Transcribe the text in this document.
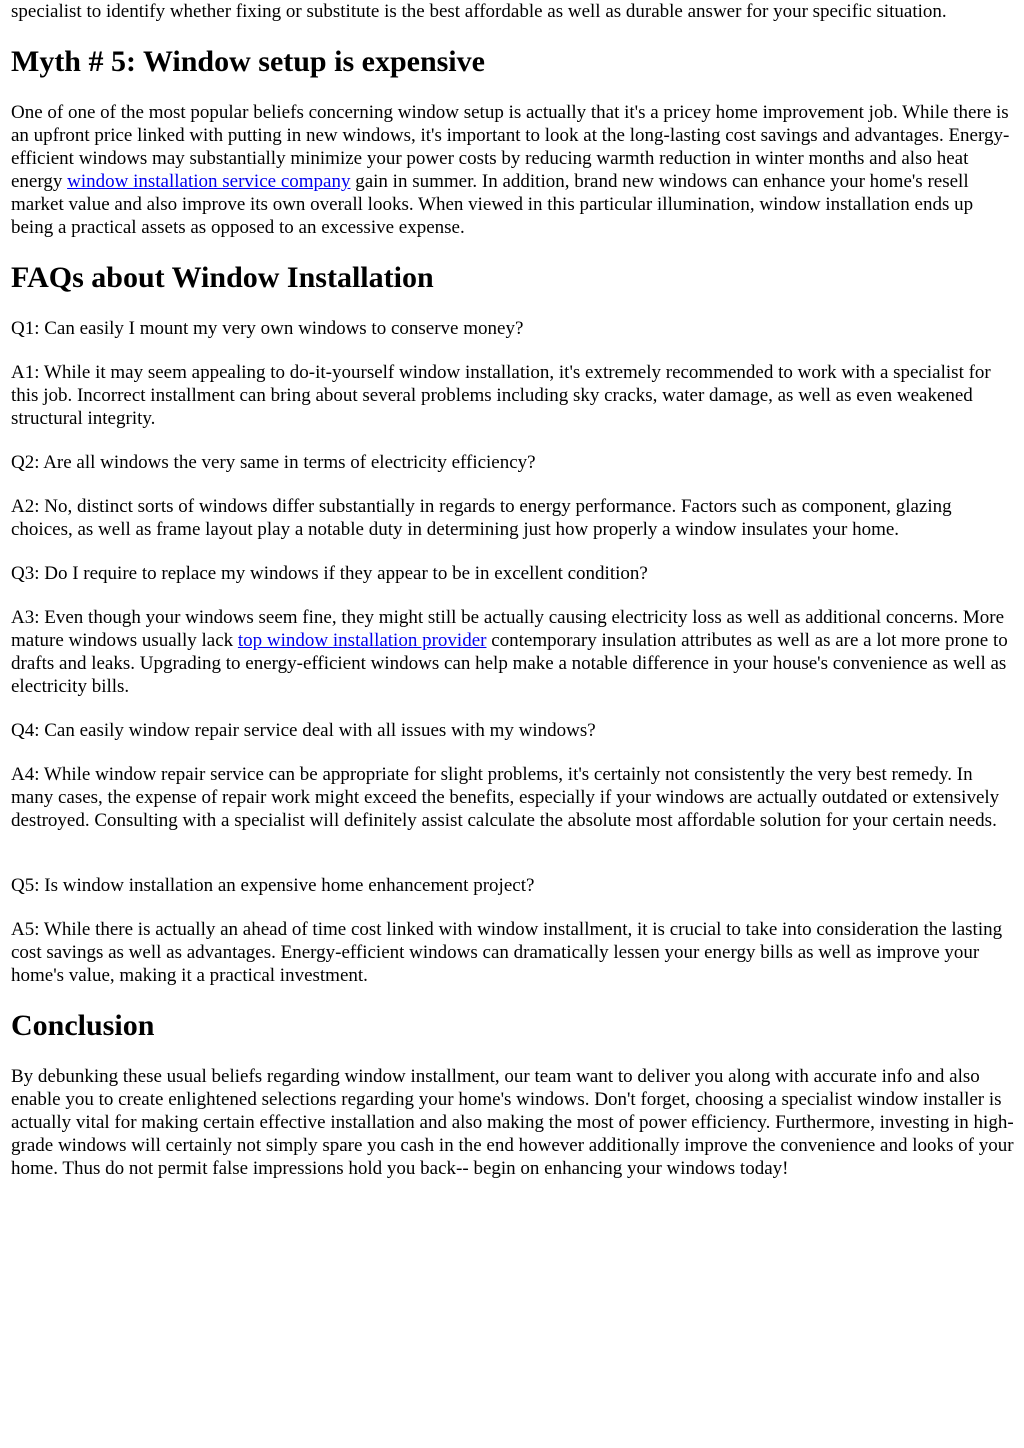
specialist to identify whether fixing or substitute is the best affordable as well as durable answer for your specific situation.

Myth # 5: Window setup is expensive

One of one of the most popular beliefs concerning window setup is actually that it's a pricey home improvement job. While there is an upfront price linked with putting in new windows, it's important to look at the long-lasting cost savings and advantages. Energy-efficient windows may substantially minimize your power costs by reducing warmth reduction in winter months and also heat energy window installation service company gain in summer. In addition, brand new windows can enhance your home's resell market value and also improve its own overall looks. When viewed in this particular illumination, window installation ends up being a practical assets as opposed to an excessive expense.

FAQs about Window Installation

Q1: Can easily I mount my very own windows to conserve money?

A1: While it may seem appealing to do-it-yourself window installation, it's extremely recommended to work with a specialist for this job. Incorrect installment can bring about several problems including sky cracks, water damage, as well as even weakened structural integrity.

Q2: Are all windows the very same in terms of electricity efficiency?

A2: No, distinct sorts of windows differ substantially in regards to energy performance. Factors such as component, glazing choices, as well as frame layout play a notable duty in determining just how properly a window insulates your home.

Q3: Do I require to replace my windows if they appear to be in excellent condition?

A3: Even though your windows seem fine, they might still be actually causing electricity loss as well as additional concerns. More mature windows usually lack top window installation provider contemporary insulation attributes as well as are a lot more prone to drafts and leaks. Upgrading to energy-efficient windows can help make a notable difference in your house's convenience as well as electricity bills.

Q4: Can easily window repair service deal with all issues with my windows?

A4: While window repair service can be appropriate for slight problems, it's certainly not consistently the very best remedy. In many cases, the expense of repair work might exceed the benefits, especially if your windows are actually outdated or extensively destroyed. Consulting with a specialist will definitely assist calculate the absolute most affordable solution for your certain needs.

Q5: Is window installation an expensive home enhancement project?

A5: While there is actually an ahead of time cost linked with window installment, it is crucial to take into consideration the lasting cost savings as well as advantages. Energy-efficient windows can dramatically lessen your energy bills as well as improve your home's value, making it a practical investment.

Conclusion

By debunking these usual beliefs regarding window installment, our team want to deliver you along with accurate info and also enable you to create enlightened selections regarding your home's windows. Don't forget, choosing a specialist window installer is actually vital for making certain effective installation and also making the most of power efficiency. Furthermore, investing in high-grade windows will certainly not simply spare you cash in the end however additionally improve the convenience and looks of your home. Thus do not permit false impressions hold you back-- begin on enhancing your windows today!
